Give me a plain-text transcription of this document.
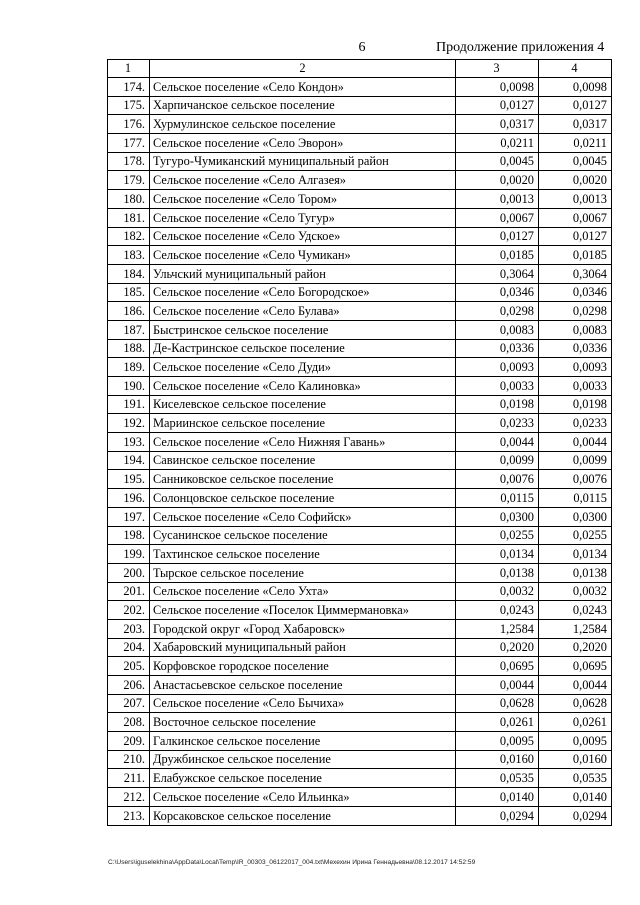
6	Продолжение приложения 4
1	2	3	4
174.	Сельское поселение «Село Кондон»	0,0098	0,0098
175.	Харпичанское сельское поселение	0,0127	0,0127
176.	Хурмулинское сельское поселение	0,0317	0,0317
177.	Сельское поселение «Село Эворон»	0,0211	0,0211
178.	Тугуро-Чумиканский муниципальный район	0,0045	0,0045
179.	Сельское поселение «Село Алгазея»	0,0020	0,0020
180.	Сельское поселение «Село Тором»	0,0013	0,0013
181.	Сельское поселение «Село Тугур»	0,0067	0,0067
182.	Сельское поселение «Село Удское»	0,0127	0,0127
183.	Сельское поселение «Село Чумикан»	0,0185	0,0185
184.	Ульчский муниципальный район	0,3064	0,3064
185.	Сельское поселение «Село Богородское»	0,0346	0,0346
186.	Сельское поселение «Село Булава»	0,0298	0,0298
187.	Быстринское сельское поселение	0,0083	0,0083
188.	Де-Кастринское сельское поселение	0,0336	0,0336
189.	Сельское поселение «Село Дуди»	0,0093	0,0093
190.	Сельское поселение «Село Калиновка»	0,0033	0,0033
191.	Киселевское сельское поселение	0,0198	0,0198
192.	Мариинское сельское поселение	0,0233	0,0233
193.	Сельское поселение «Село Нижняя Гавань»	0,0044	0,0044
194.	Савинское сельское поселение	0,0099	0,0099
195.	Санниковское сельское поселение	0,0076	0,0076
196.	Солонцовское сельское поселение	0,0115	0,0115
197.	Сельское поселение «Село Софийск»	0,0300	0,0300
198.	Сусанинское сельское поселение	0,0255	0,0255
199.	Тахтинское сельское поселение	0,0134	0,0134
200.	Тырское сельское поселение	0,0138	0,0138
201.	Сельское поселение «Село Ухта»	0,0032	0,0032
202.	Сельское поселение «Поселок Циммермановка»	0,0243	0,0243
203.	Городской округ «Город Хабаровск»	1,2584	1,2584
204.	Хабаровский муниципальный район	0,2020	0,2020
205.	Корфовское городское поселение	0,0695	0,0695
206.	Анастасьевское сельское поселение	0,0044	0,0044
207.	Сельское поселение «Село Бычиха»	0,0628	0,0628
208.	Восточное сельское поселение	0,0261	0,0261
209.	Галкинское сельское поселение	0,0095	0,0095
210.	Дружбинское сельское поселение	0,0160	0,0160
211.	Елабужское сельское поселение	0,0535	0,0535
212.	Сельское поселение «Село Ильинка»	0,0140	0,0140
213.	Корсаковское сельское поселение	0,0294	0,0294
C:\Users\iguselekhina\AppData\Local\Temp\IR_00303_06122017_004.txt\Мехехин Ирина Геннадьевна\08.12.2017 14:52:59
